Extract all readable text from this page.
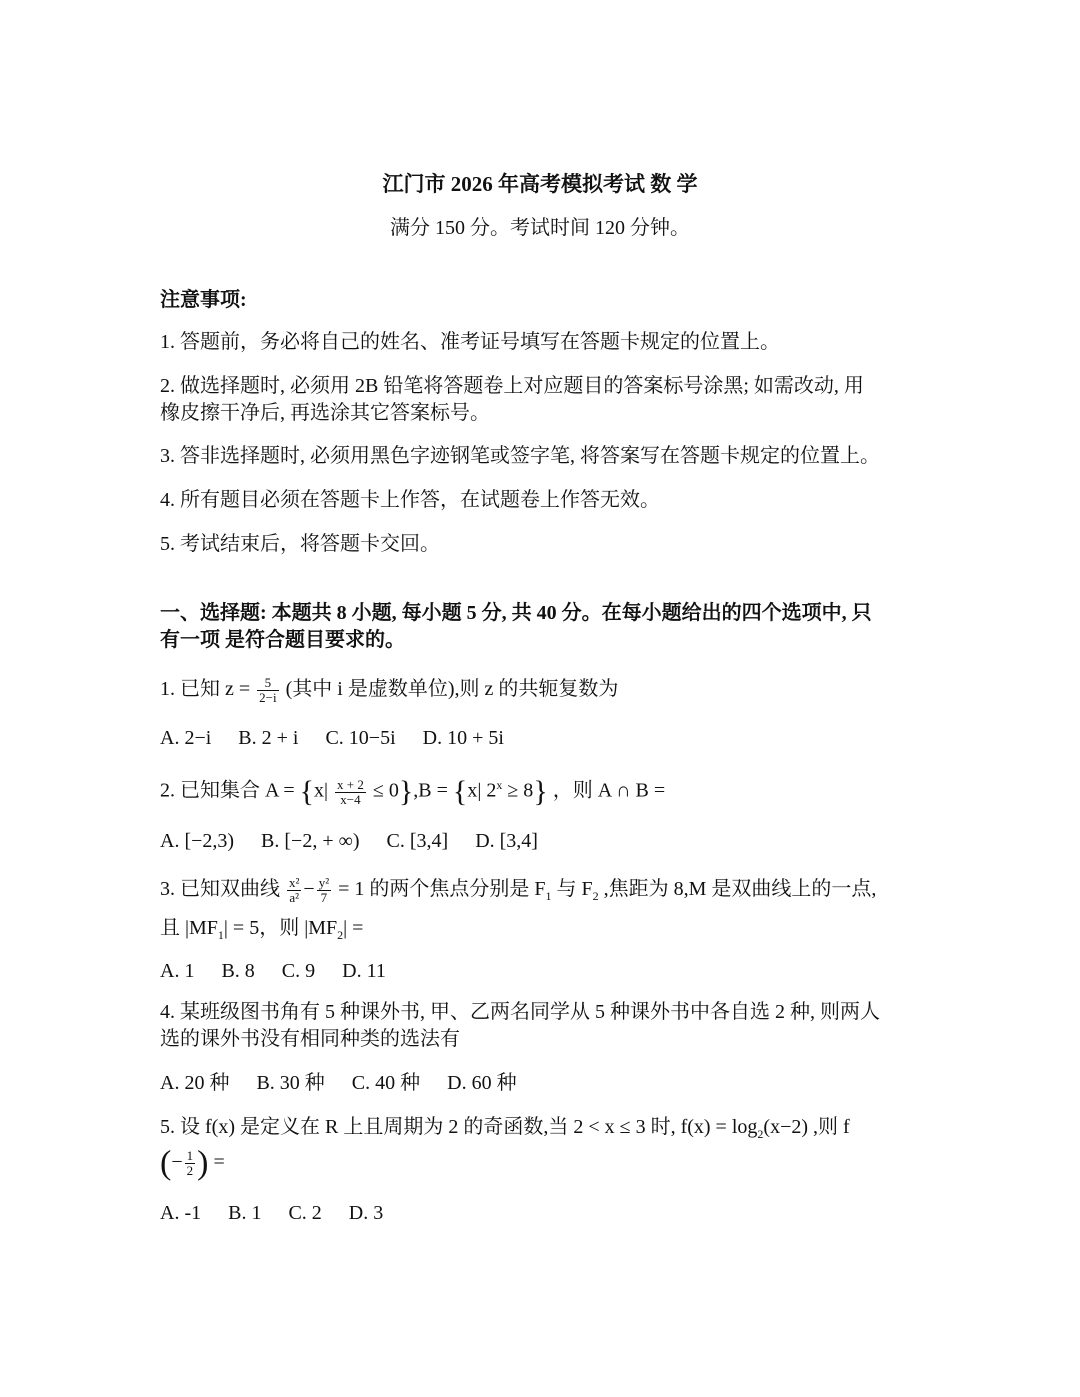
江门市 2026 年高考模拟考试 数 学
满分 150 分。考试时间 120 分钟。
注意事项:
1. 答题前，务必将自己的姓名、准考证号填写在答题卡规定的位置上。
2. 做选择题时, 必须用 2B 铅笔将答题卷上对应题目的答案标号涂黑; 如需改动, 用
橡皮擦干净后, 再选涂其它答案标号。
3. 答非选择题时, 必须用黑色字迹钢笔或签字笔, 将答案写在答题卡规定的位置上。
4. 所有题目必须在答题卡上作答，在试题卷上作答无效。
5. 考试结束后，将答题卡交回。
一、选择题: 本题共 8 小题, 每小题 5 分, 共 40 分。在每小题给出的四个选项中, 只
有一项 是符合题目要求的。
1. 已知 $z = \frac{5}{2-i}$ (其中 i 是虚数单位),则 z 的共轭复数为
A. 2−i B. 2 + i C. 10−5i D. 10 + 5i
2. 已知集合 $A = \{x| \frac{x + 2}{x-4} \le 0\},B = \{x|$ $2^x \ge 8$} ，则 A ∩ B =
A. [−2,3) B. [−2, + ∞) C. [3,4] D. [3,4]
3. 已知双曲线 $\frac{\text{x²}}{\text{a²}} - \frac{\text{y²}}{7} = 1$ 的两个焦点分别是 $F_1$ 与 $F_2$ ,焦距为 8,M 是双曲线上的一点,
且 $|MF_1| = 5$，则 $|MF_2|$ =
A. 1 B. 8 C. 9 D. 11
4. 某班级图书角有 5 种课外书, 甲、乙两名同学从 5 种课外书中各自选 2 种, 则两人
选的课外书没有相同种类的选法有
A. 20 种 B. 30 种 C. 40 种 D. 60 种
5. 设 f(x) 是定义在 R 上且周期为 2 的奇函数,当 2 < x ≤ 3 时, $f(x) = \log_2(x-2)$ ,则 f
(− $\frac{1}{2}$ ) =
A. -1 B. 1 C. 2 D. 3
